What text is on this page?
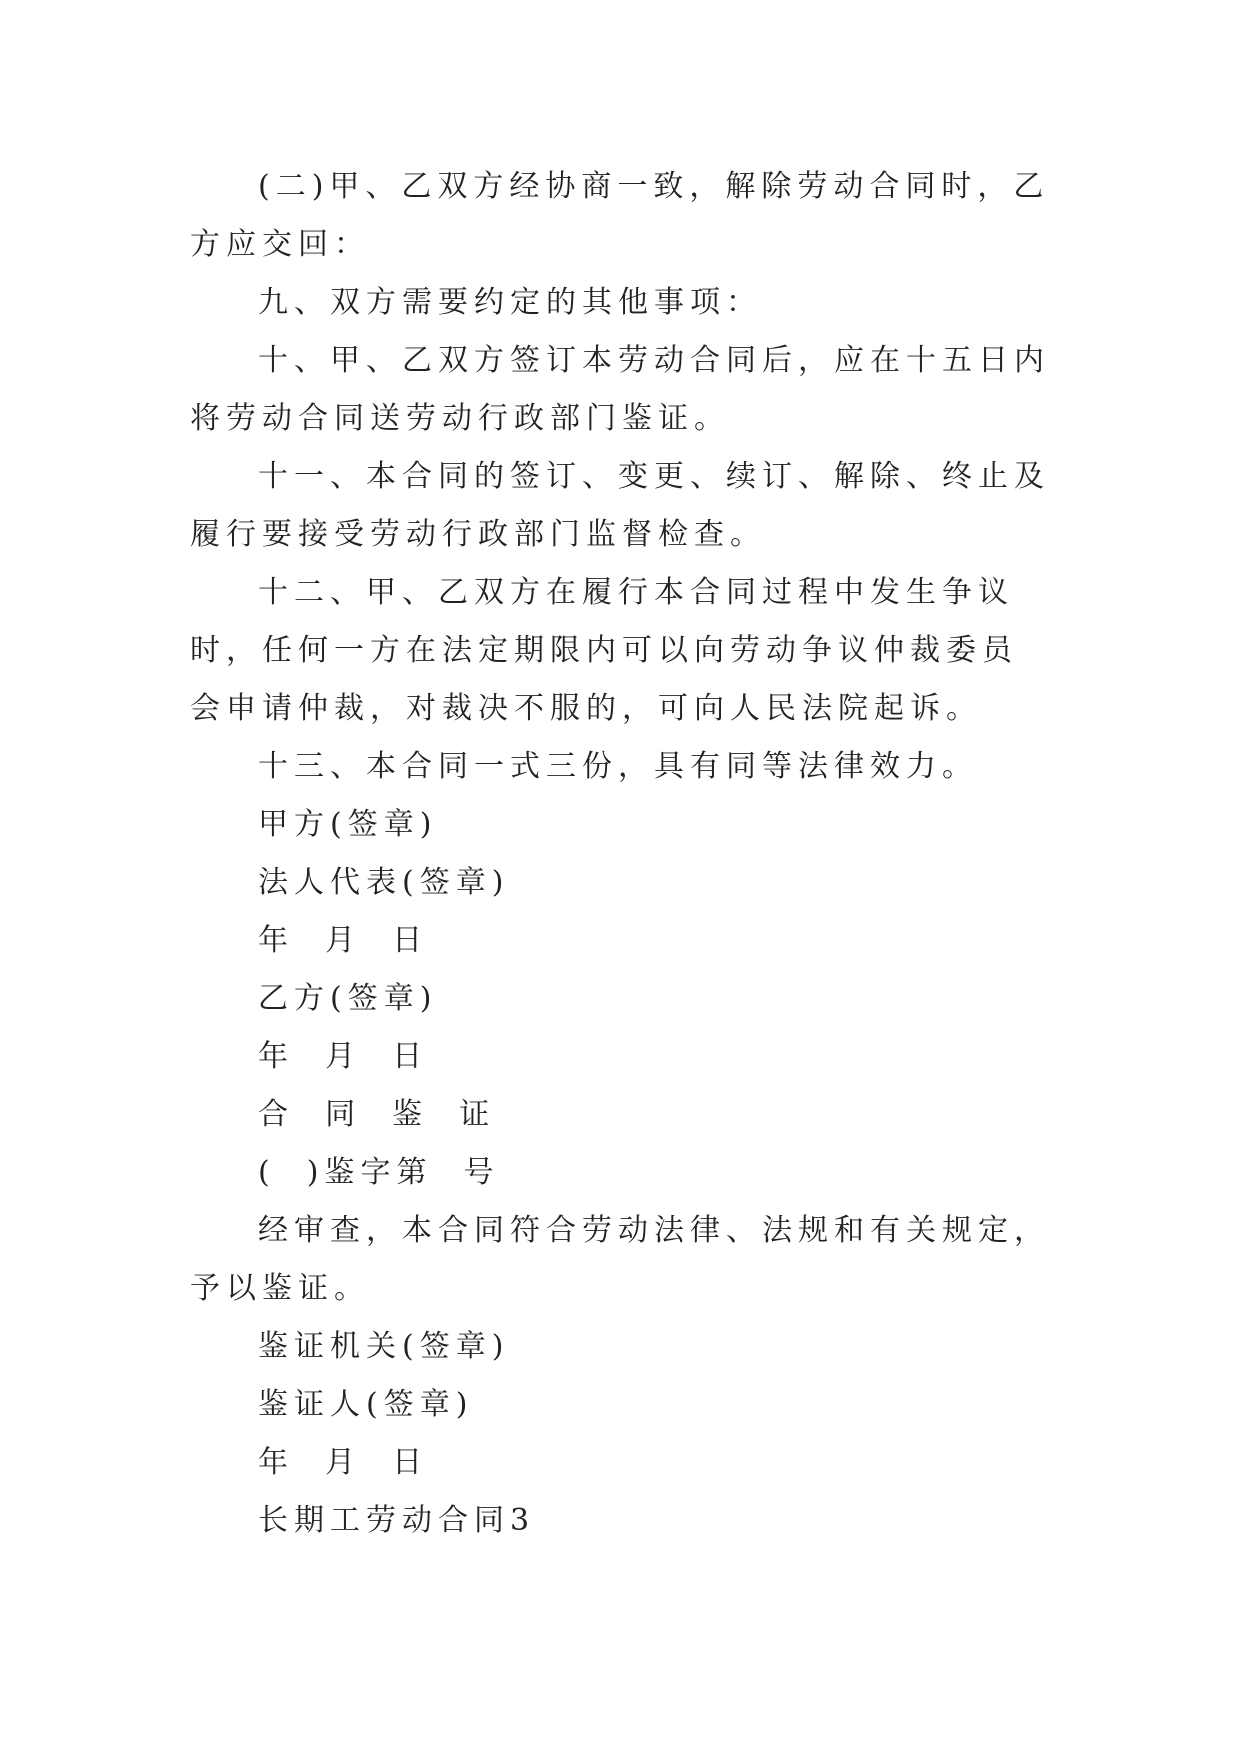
(二)甲、乙双方经协商一致，解除劳动合同时，乙方应交回：

九、双方需要约定的其他事项：

十、甲、乙双方签订本劳动合同后，应在十五日内将劳动合同送劳动行政部门鉴证。

十一、本合同的签订、变更、续订、解除、终止及履行要接受劳动行政部门监督检查。

十二、甲、乙双方在履行本合同过程中发生争议时，任何一方在法定期限内可以向劳动争议仲裁委员会申请仲裁，对裁决不服的，可向人民法院起诉。

十三、本合同一式三份，具有同等法律效力。

甲方(签章)

法人代表(签章)

年  月  日

乙方(签章)

年  月  日

合  同  鉴  证

(  )鉴字第  号

经审查，本合同符合劳动法律、法规和有关规定，予以鉴证。

鉴证机关(签章)

鉴证人(签章)

年  月  日

长期工劳动合同3
